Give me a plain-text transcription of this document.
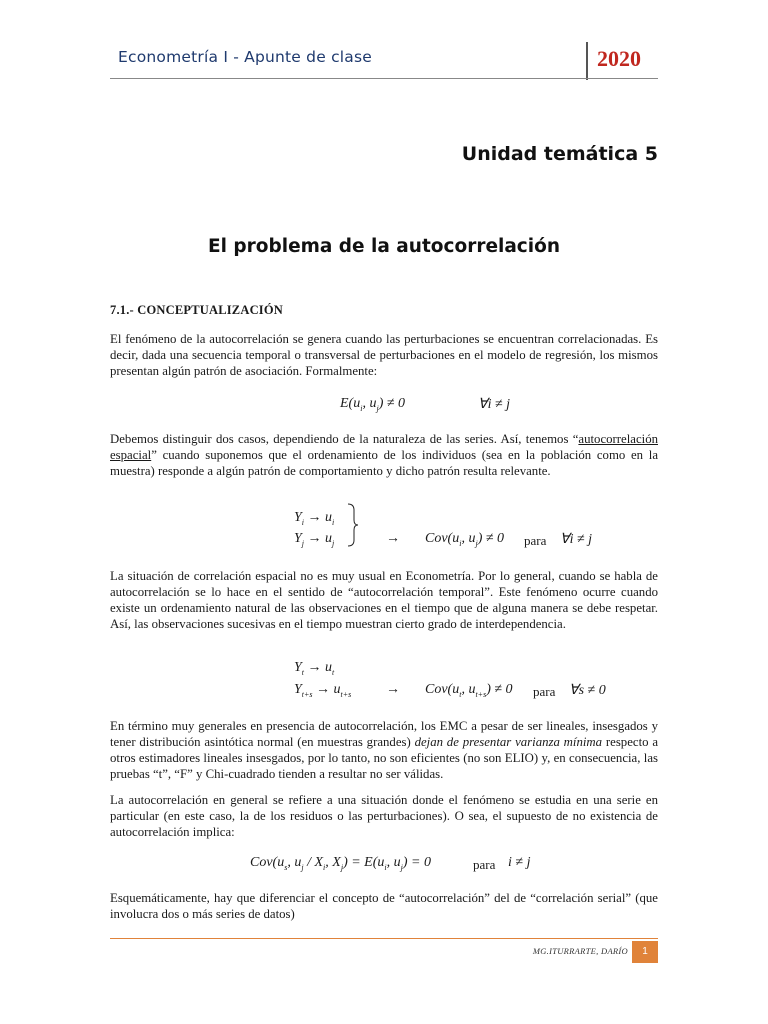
Econometría I - Apunte de clase	2020
Unidad temática 5
El problema de la autocorrelación
7.1.- CONCEPTUALIZACIÓN
El fenómeno de la autocorrelación se genera cuando las perturbaciones se encuentran correlacionadas. Es decir, dada una secuencia temporal o transversal de perturbaciones en el modelo de regresión, los mismos presentan algún patrón de asociación. Formalmente:
$E(u_i$, $u_j) \ne 0$	∀i ≠ j
Debemos distinguir dos casos, dependiendo de la naturaleza de las series. Así, tenemos “autocorrelación espacial” cuando suponemos que el ordenamiento de los individuos (sea en la población como en la muestra) responde a algún patrón de comportamiento y dicho patrón resulta relevante.
$Y_i \to u_i$
$Y_j \to u_j$	→ $Cov(u_i$, $u_j) \ne 0$ para ∀i ≠ j
La situación de correlación espacial no es muy usual en Econometría. Por lo general, cuando se habla de autocorrelación se lo hace en el sentido de “autocorrelación temporal”. Este fenómeno ocurre cuando existe un ordenamiento natural de las observaciones en el tiempo que de alguna manera se debe respetar. Así, las observaciones sucesivas en el tiempo muestran cierto grado de interdependencia.
$Y_t \to u_t$
$Y_{t+s} \to u_{t+s} \to Cov(u_t$, $u_{t+s}) \ne 0$ para ∀s ≠ 0
En término muy generales en presencia de autocorrelación, los EMC a pesar de ser lineales, insesgados y tener distribución asintótica normal (en muestras grandes) dejan de presentar varianza mínima respecto a otros estimadores lineales insesgados, por lo tanto, no son eficientes (no son ELIO) y, en consecuencia, las pruebas “t”, “F” y Chi-cuadrado tienden a resultar no ser válidas.
La autocorrelación en general se refiere a una situación donde el fenómeno se estudia en una serie en particular (en este caso, la de los residuos o las perturbaciones). O sea, el supuesto de no existencia de autocorrelación implica:
$Cov(u_s$, $u_j / X_i$, $X_j) = E(u_i$, $u_j) = 0$	para i ≠ j
Esquemáticamente, hay que diferenciar el concepto de “autocorrelación” del de “correlación serial” (que involucra dos o más series de datos)
MG.ITURRARTE, DARÍO	1
